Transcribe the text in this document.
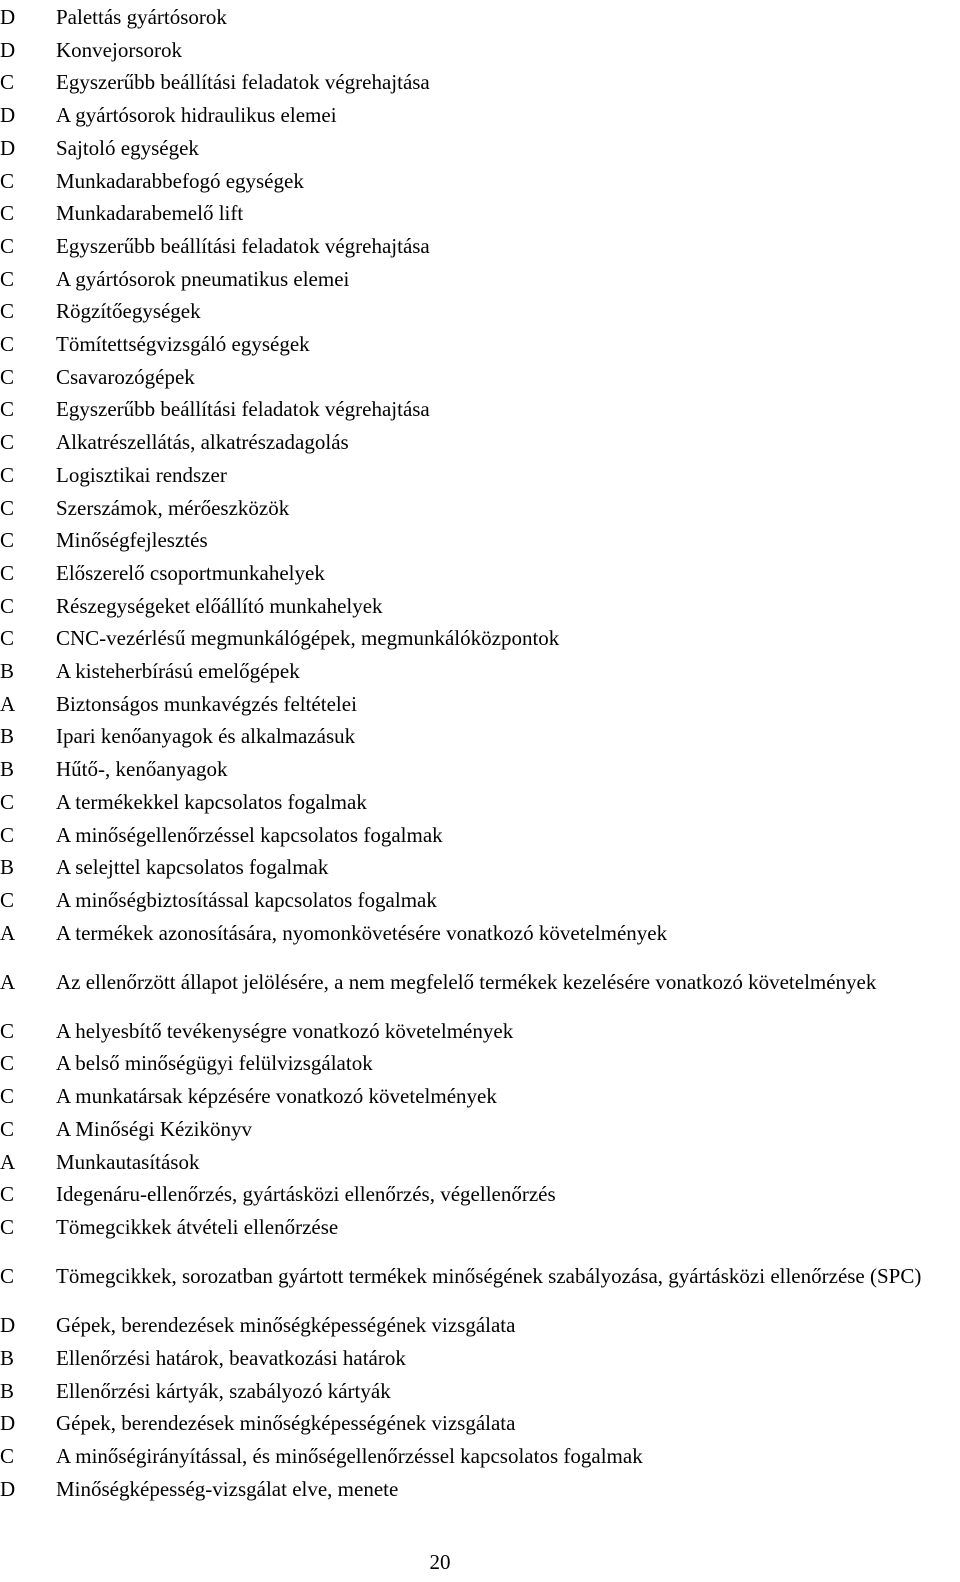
D	Palettás gyártósorok
D	Konvejorsorok
C	Egyszerűbb beállítási feladatok végrehajtása
D	A gyártósorok hidraulikus elemei
D	Sajtoló egységek
C	Munkadarabbefogó egységek
C	Munkadarabemelő lift
C	Egyszerűbb beállítási feladatok végrehajtása
C	A gyártósorok pneumatikus elemei
C	Rögzítőegységek
C	Tömítettségvizsgáló egységek
C	Csavarozógépek
C	Egyszerűbb beállítási feladatok végrehajtása
C	Alkatrészellátás, alkatrészadagolás
C	Logisztikai rendszer
C	Szerszámok, mérőeszközök
C	Minőségfejlesztés
C	Előszerelő csoportmunkahelyek
C	Részegységeket előállító munkahelyek
C	CNC-vezérlésű megmunkálógépek, megmunkálóközpontok
B	A kisteherbírású emelőgépek
A	Biztonságos munkavégzés feltételei
B	Ipari kenőanyagok és alkalmazásuk
B	Hűtő-, kenőanyagok
C	A termékekkel kapcsolatos fogalmak
C	A minőségellenőrzéssel kapcsolatos fogalmak
B	A selejttel kapcsolatos fogalmak
C	A minőségbiztosítással kapcsolatos fogalmak
A	A termékek azonosítására, nyomonkövetésére vonatkozó követelmények
A	Az ellenőrzött állapot jelölésére, a nem megfelelő termékek kezelésére vonatkozó követelmények
C	A helyesbítő tevékenységre vonatkozó követelmények
C	A belső minőségügyi felülvizsgálatok
C	A munkatársak képzésére vonatkozó követelmények
C	A Minőségi Kézikönyv
A	Munkautasítások
C	Idegenáru-ellenőrzés, gyártásközi ellenőrzés, végellenőrzés
C	Tömegcikkek átvételi ellenőrzése
C	Tömegcikkek, sorozatban gyártott termékek minőségének szabályozása, gyártásközi ellenőrzése (SPC)
D	Gépek, berendezések minőségképességének vizsgálata
B	Ellenőrzési határok, beavatkozási határok
B	Ellenőrzési kártyák, szabályozó kártyák
D	Gépek, berendezések minőségképességének vizsgálata
C	A minőségirányítással, és minőségellenőrzéssel kapcsolatos fogalmak
D	Minőségképesség-vizsgálat elve, menete
20
